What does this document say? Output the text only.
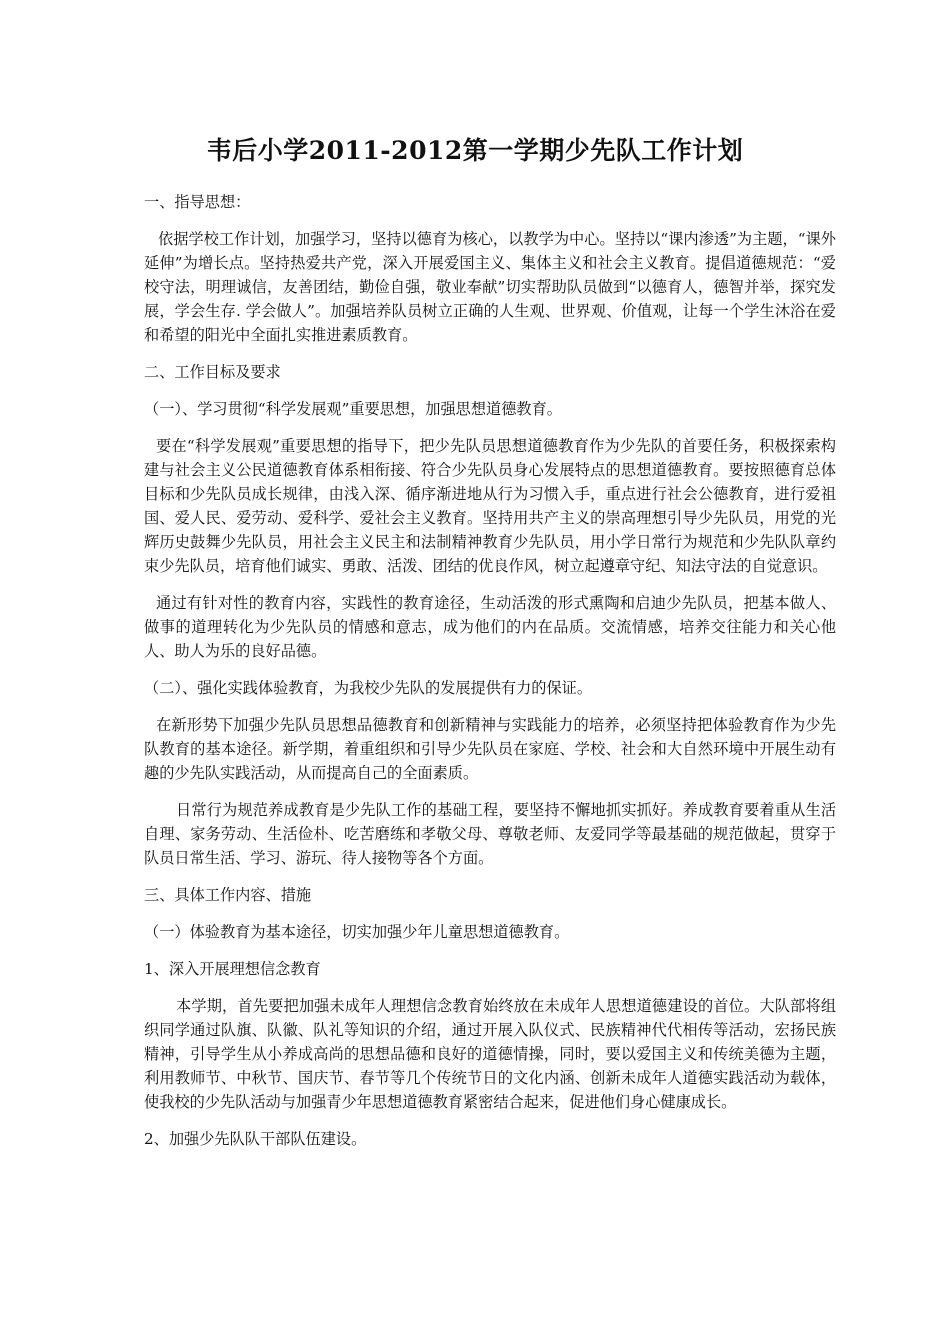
韦后小学2011-2012第一学期少先队工作计划
一、指导思想：
依据学校工作计划，加强学习，坚持以德育为核心，以教学为中心。坚持以“课内渗透”为主题，“课外延伸”为增长点。坚持热爱共产党，深入开展爱国主义、集体主义和社会主义教育。提倡道德规范：“爱校守法，明理诚信，友善团结，勤俭自强，敬业奉献”切实帮助队员做到“以德育人，德智并举，探究发展，学会生存. 学会做人”。加强培养队员树立正确的人生观、世界观、价值观，让每一个学生沐浴在爱和希望的阳光中全面扎实推进素质教育。
二、工作目标及要求
（一）、学习贯彻“科学发展观”重要思想，加强思想道德教育。
要在“科学发展观”重要思想的指导下，把少先队员思想道德教育作为少先队的首要任务，积极探索构建与社会主义公民道德教育体系相衔接、符合少先队员身心发展特点的思想道德教育。要按照德育总体目标和少先队员成长规律，由浅入深、循序渐进地从行为习惯入手，重点进行社会公德教育，进行爱祖国、爱人民、爱劳动、爱科学、爱社会主义教育。坚持用共产主义的崇高理想引导少先队员，用党的光辉历史鼓舞少先队员，用社会主义民主和法制精神教育少先队员，用小学日常行为规范和少先队队章约束少先队员，培育他们诚实、勇敢、活泼、团结的优良作风，树立起遵章守纪、知法守法的自觉意识。
通过有针对性的教育内容，实践性的教育途径，生动活泼的形式熏陶和启迪少先队员，把基本做人、做事的道理转化为少先队员的情感和意志，成为他们的内在品质。交流情感，培养交往能力和关心他人、助人为乐的良好品德。
（二）、强化实践体验教育，为我校少先队的发展提供有力的保证。
在新形势下加强少先队员思想品德教育和创新精神与实践能力的培养，必须坚持把体验教育作为少先队教育的基本途径。新学期，着重组织和引导少先队员在家庭、学校、社会和大自然环境中开展生动有趣的少先队实践活动，从而提高自己的全面素质。
日常行为规范养成教育是少先队工作的基础工程，要坚持不懈地抓实抓好。养成教育要着重从生活自理、家务劳动、生活俭朴、吃苦磨练和孝敬父母、尊敬老师、友爱同学等最基础的规范做起，贯穿于队员日常生活、学习、游玩、待人接物等各个方面。
三、具体工作内容、措施
（一）体验教育为基本途径，切实加强少年儿童思想道德教育。
1、深入开展理想信念教育
本学期，首先要把加强未成年人理想信念教育始终放在未成年人思想道德建设的首位。大队部将组织同学通过队旗、队徽、队礼等知识的介绍，通过开展入队仪式、民族精神代代相传等活动，宏扬民族精神，引导学生从小养成高尚的思想品德和良好的道德情操，同时，要以爱国主义和传统美德为主题，利用教师节、中秋节、国庆节、春节等几个传统节日的文化内涵、创新未成年人道德实践活动为载体，使我校的少先队活动与加强青少年思想道德教育紧密结合起来，促进他们身心健康成长。
2、加强少先队队干部队伍建设。
